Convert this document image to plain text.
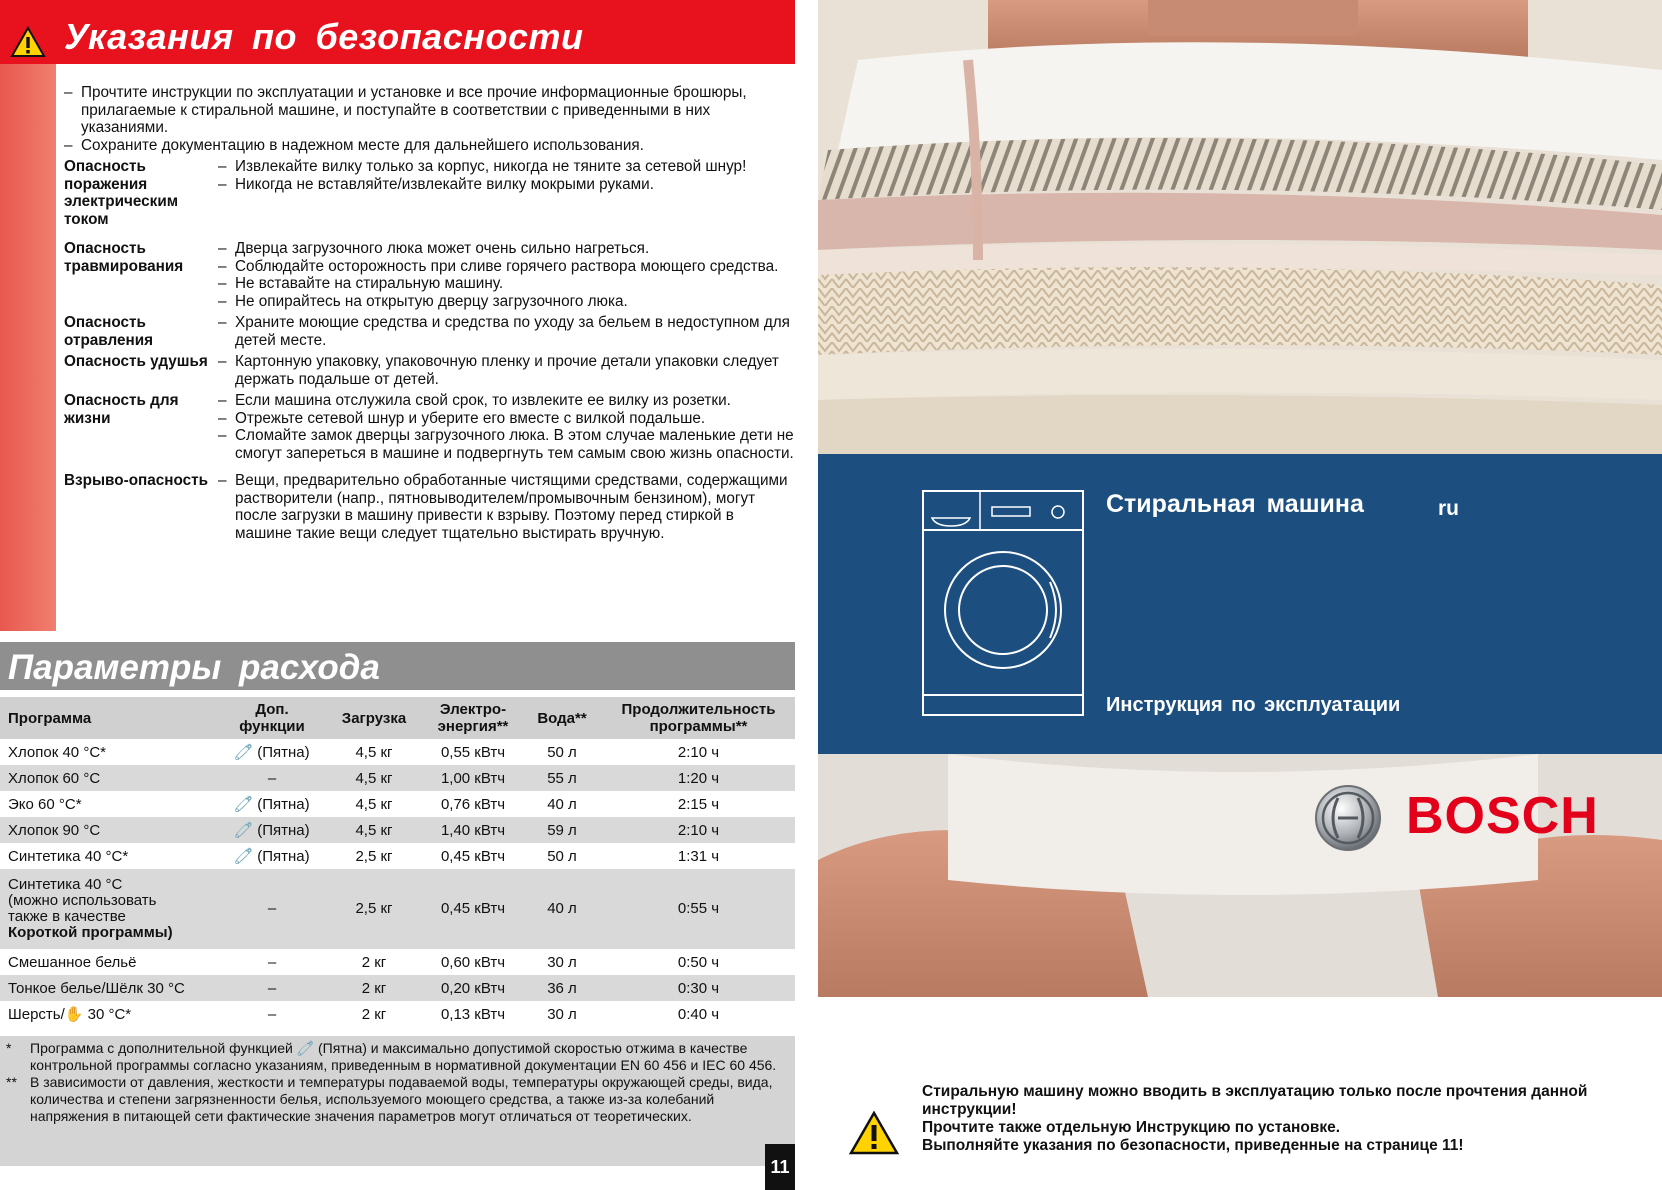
Указания по безопасности
– Прочтите инструкции по эксплуатации и установке и все прочие информационные брошюры, прилагаемые к стиральной машине, и поступайте в соответствии с приведенными в них указаниями.
– Сохраните документацию в надежном месте для дальнейшего использования.
Опасность поражения электрическим током
– Извлекайте вилку только за корпус, никогда не тяните за сетевой шнур!
– Никогда не вставляйте/извлекайте вилку мокрыми руками.
Опасность травмирования
– Дверца загрузочного люка может очень сильно нагреться.
– Соблюдайте осторожность при сливе горячего раствора моющего средства.
– Не вставайте на стиральную машину.
– Не опирайтесь на открытую дверцу загрузочного люка.
Опасность отравления
– Храните моющие средства и средства по уходу за бельем в недоступном для детей месте.
Опасность удушья – Картонную упаковку, упаковочную пленку и прочие детали упаковки следует держать подальше от детей.
Опасность для жизни
– Если машина отслужила свой срок, то извлеките ее вилку из розетки.
– Отрежьте сетевой шнур и уберите его вместе с вилкой подальше.
– Сломайте замок дверцы загрузочного люка. В этом случае маленькие дети не смогут запереться в машине и подвергнуть тем самым свою жизнь опасности.
Взрыво-опасность – Вещи, предварительно обработанные чистящими средствами, содержащими растворители (напр., пятновыводителем/промывочным бензином), могут после загрузки в машину привести к взрыву. Поэтому перед стиркой в машине такие вещи следует тщательно выстирать вручную.
Параметры расхода
Программа	Доп. функции	Загрузка	Электро-энергия**	Вода**	Продолжительность программы**
Хлопок 40 °C*	🧷 (Пятна)	4,5 кг	0,55 кВтч	50 л	2:10 ч
Хлопок 60 °C	–	4,5 кг	1,00 кВтч	55 л	1:20 ч
Эко 60 °C*	🧷 (Пятна)	4,5 кг	0,76 кВтч	40 л	2:15 ч
Хлопок 90 °C	🧷 (Пятна)	4,5 кг	1,40 кВтч	59 л	2:10 ч
Синтетика 40 °C*	🧷 (Пятна)	2,5 кг	0,45 кВтч	50 л	1:31 ч

Синтетика 40 °C
(можно использовать
также в качестве
Короткой программы)	–	2,5 кг	0,45 кВтч	40 л	0:55 ч
Смешанное бельё	–	2 кг	0,60 кВтч	30 л	0:50 ч
Тонкое белье/Шёлк 30 °C	–	2 кг	0,20 кВтч	36 л	0:30 ч
Шерсть/✋ 30 °C*	–	2 кг	0,13 кВтч	30 л	0:40 ч
*	Программа с дополнительной функцией 🧷 (Пятна) и максимально допустимой скоростью отжима в качестве контрольной программы согласно указаниям, приведенным в нормативной документации EN 60 456 и IEC 60 456.
** В зависимости от давления, жесткости и температуры подаваемой воды, температуры окружающей среды, вида, количества и степени загрязненности белья, используемого моющего средства, а также из-за колебаний напряжения в питающей сети фактические значения параметров могут отличаться от теоретических.
11
Стиральная машина	ru
Инструкция по эксплуатации
BOSCH
Стиральную машину можно вводить в эксплуатацию только после прочтения данной инструкции!
Прочтите также отдельную Инструкцию по установке.
Выполняйте указания по безопасности, приведенные на странице 11!
